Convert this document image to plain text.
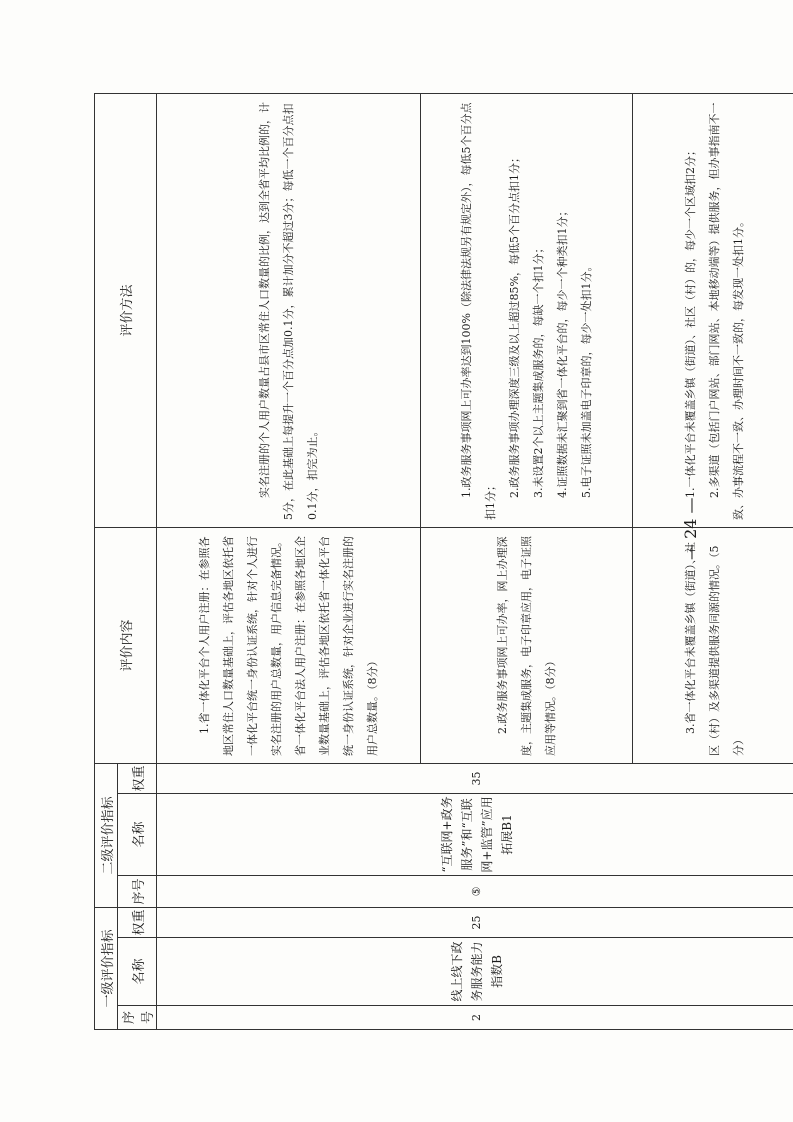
一级评价指标			二级评价指标			评价内容	评价方法
序号	名称	权重	序号	名称	权重		
2	线上线下政务服务能力指数B	25	⑤	“互联网+政务服务”和“互联网+监管”应用拓展B1	35	1.省一体化平台个人用户注册：在参照各地区常住人口数量基础上，评估各地区依托省一体化平台统一身份认证系统，针对个人进行实名注册的用户总数量，用户信息完备情况。省一体化平台法人用户注册：在参照各地区企业数量基础上，评估各地区依托省一体化平台统一身份认证系统，针对企业进行实名注册的用户总数量。（8分）	实名注册的个人用户数量占县市区常住人口数量的比例，达到全省平均比例的，计5分，在此基础上每提升一个百分点加0.1分，累计加分不超过3分；每低一个百分点扣0.1分，扣完为止。

						2.政务服务事项网上可办率，网上办理深度，主题集成服务，电子印章应用，电子证照应用等情况。（8分）	1.政务服务事项网上可办率达到100%（除法律法规另有规定外），每低5个百分点扣1分；

2.政务服务事项办理深度三级及以上超过85%，每低5个百分点扣1分； 3.未设置2个以上主题集成服务的，每缺一个扣1分； 4.证照数据未汇聚到省一体化平台的，每少一个种类扣1分； 5.电子证照未加盖电子印章的，每少一处扣1分。

						3.省一体化平台未覆盖乡镇（街道）、社区（村）及多渠道提供服务同源的情况。（5分）	1.一体化平台未覆盖乡镇（街道）、社区（村）的，每少一个区域扣2分； 2.多渠道（包括门户网站、部门网站、本地移动端等）提供服务，但办事指南不一致、办事流程不一致、办理时间不一致的，每发现一处扣1分。

— 24 —
